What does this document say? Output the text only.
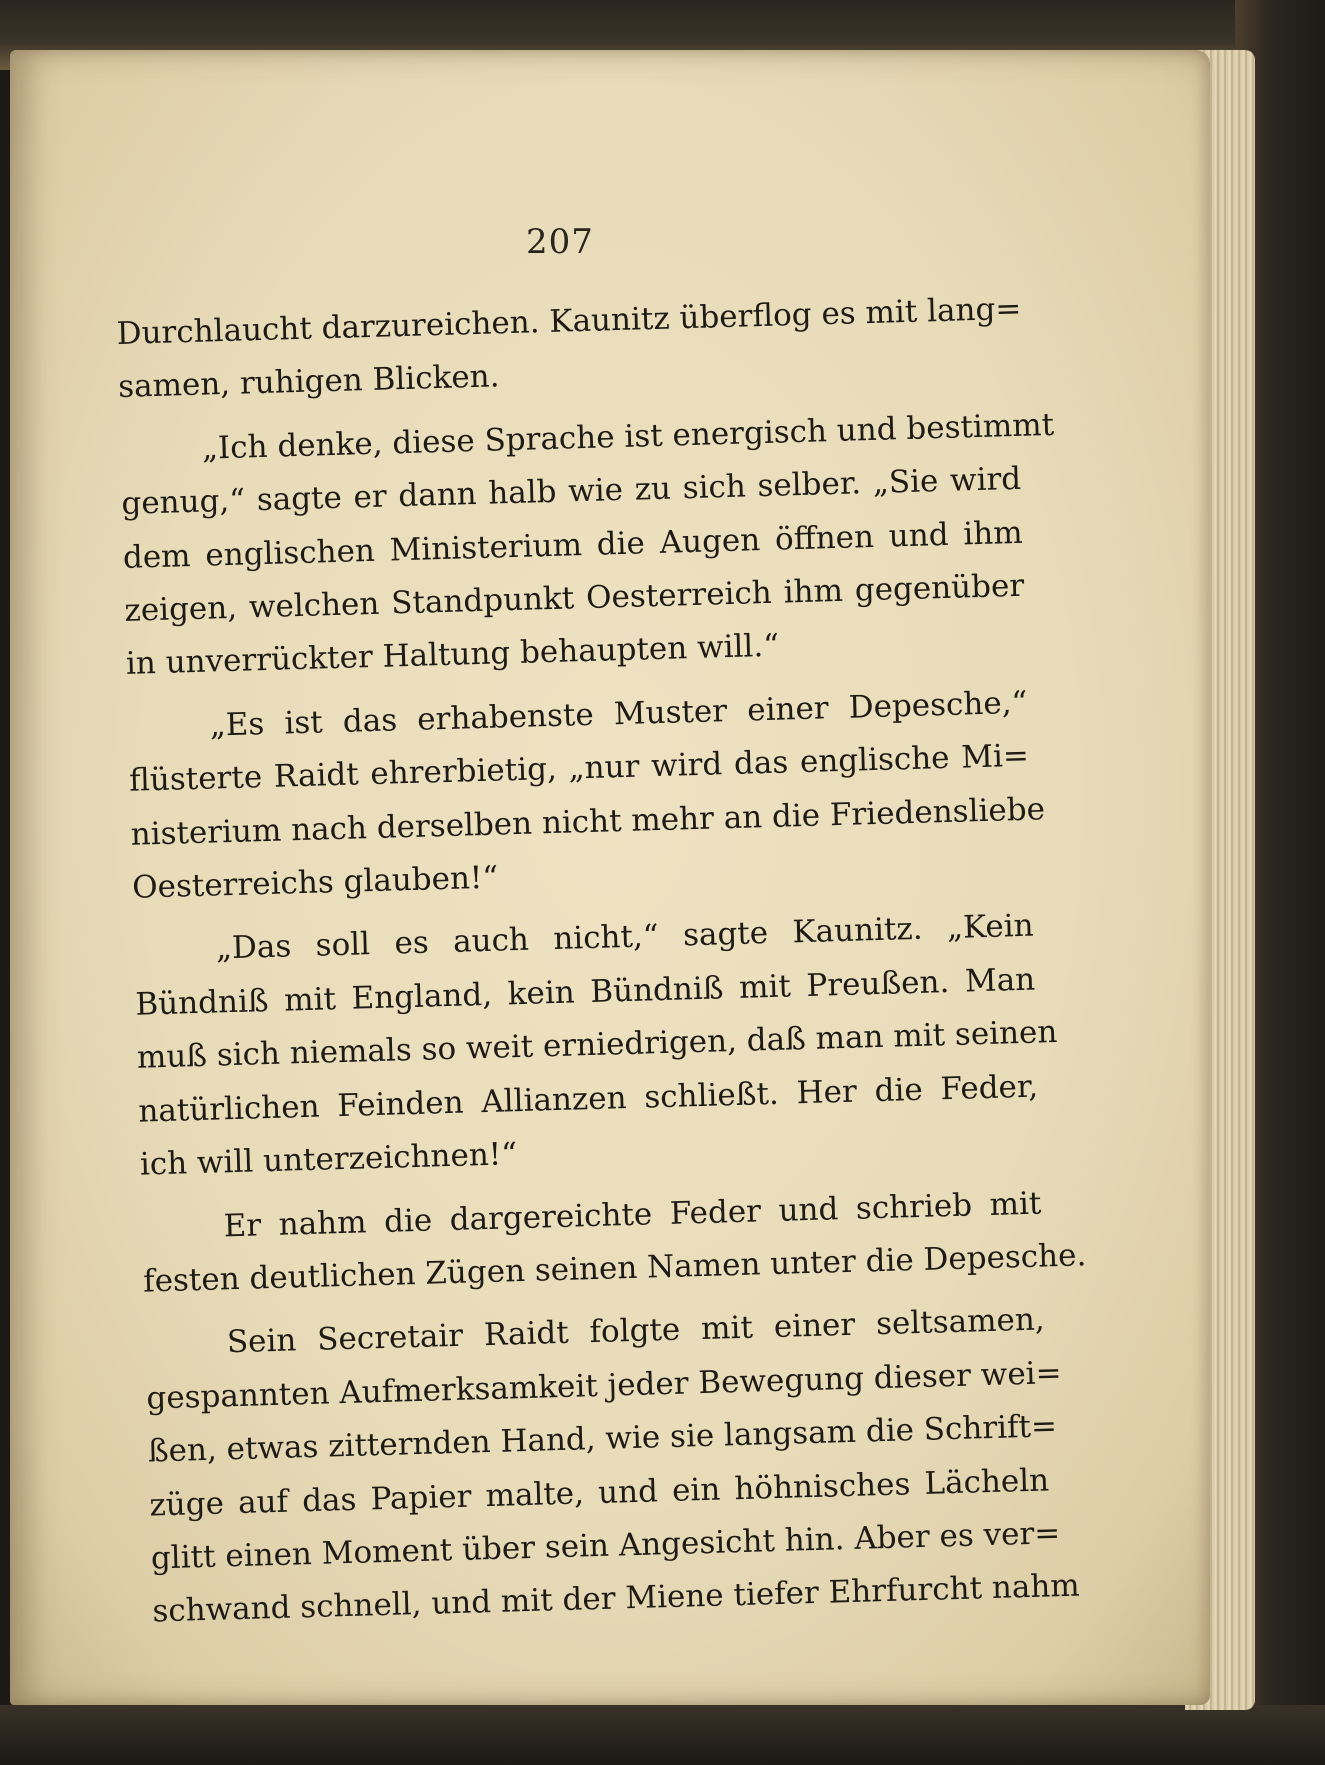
207

Durchlaucht darzureichen. Kaunitz überflog es mit lang=
samen, ruhigen Blicken.

„Ich denke, diese Sprache ist energisch und bestimmt
genug,“ sagte er dann halb wie zu sich selber. „Sie wird
dem englischen Ministerium die Augen öffnen und ihm
zeigen, welchen Standpunkt Oesterreich ihm gegenüber
in unverrückter Haltung behaupten will.“

„Es ist das erhabenste Muster einer Depesche,“
flüsterte Raidt ehrerbietig, „nur wird das englische Mi=
nisterium nach derselben nicht mehr an die Friedensliebe
Oesterreichs glauben!“

„Das soll es auch nicht,“ sagte Kaunitz. „Kein
Bündniß mit England, kein Bündniß mit Preußen. Man
muß sich niemals so weit erniedrigen, daß man mit seinen
natürlichen Feinden Allianzen schließt. Her die Feder,
ich will unterzeichnen!“

Er nahm die dargereichte Feder und schrieb mit
festen deutlichen Zügen seinen Namen unter die Depesche.

Sein Secretair Raidt folgte mit einer seltsamen,
gespannten Aufmerksamkeit jeder Bewegung dieser wei=
ßen, etwas zitternden Hand, wie sie langsam die Schrift=
züge auf das Papier malte, und ein höhnisches Lächeln
glitt einen Moment über sein Angesicht hin. Aber es ver=
schwand schnell, und mit der Miene tiefer Ehrfurcht nahm
